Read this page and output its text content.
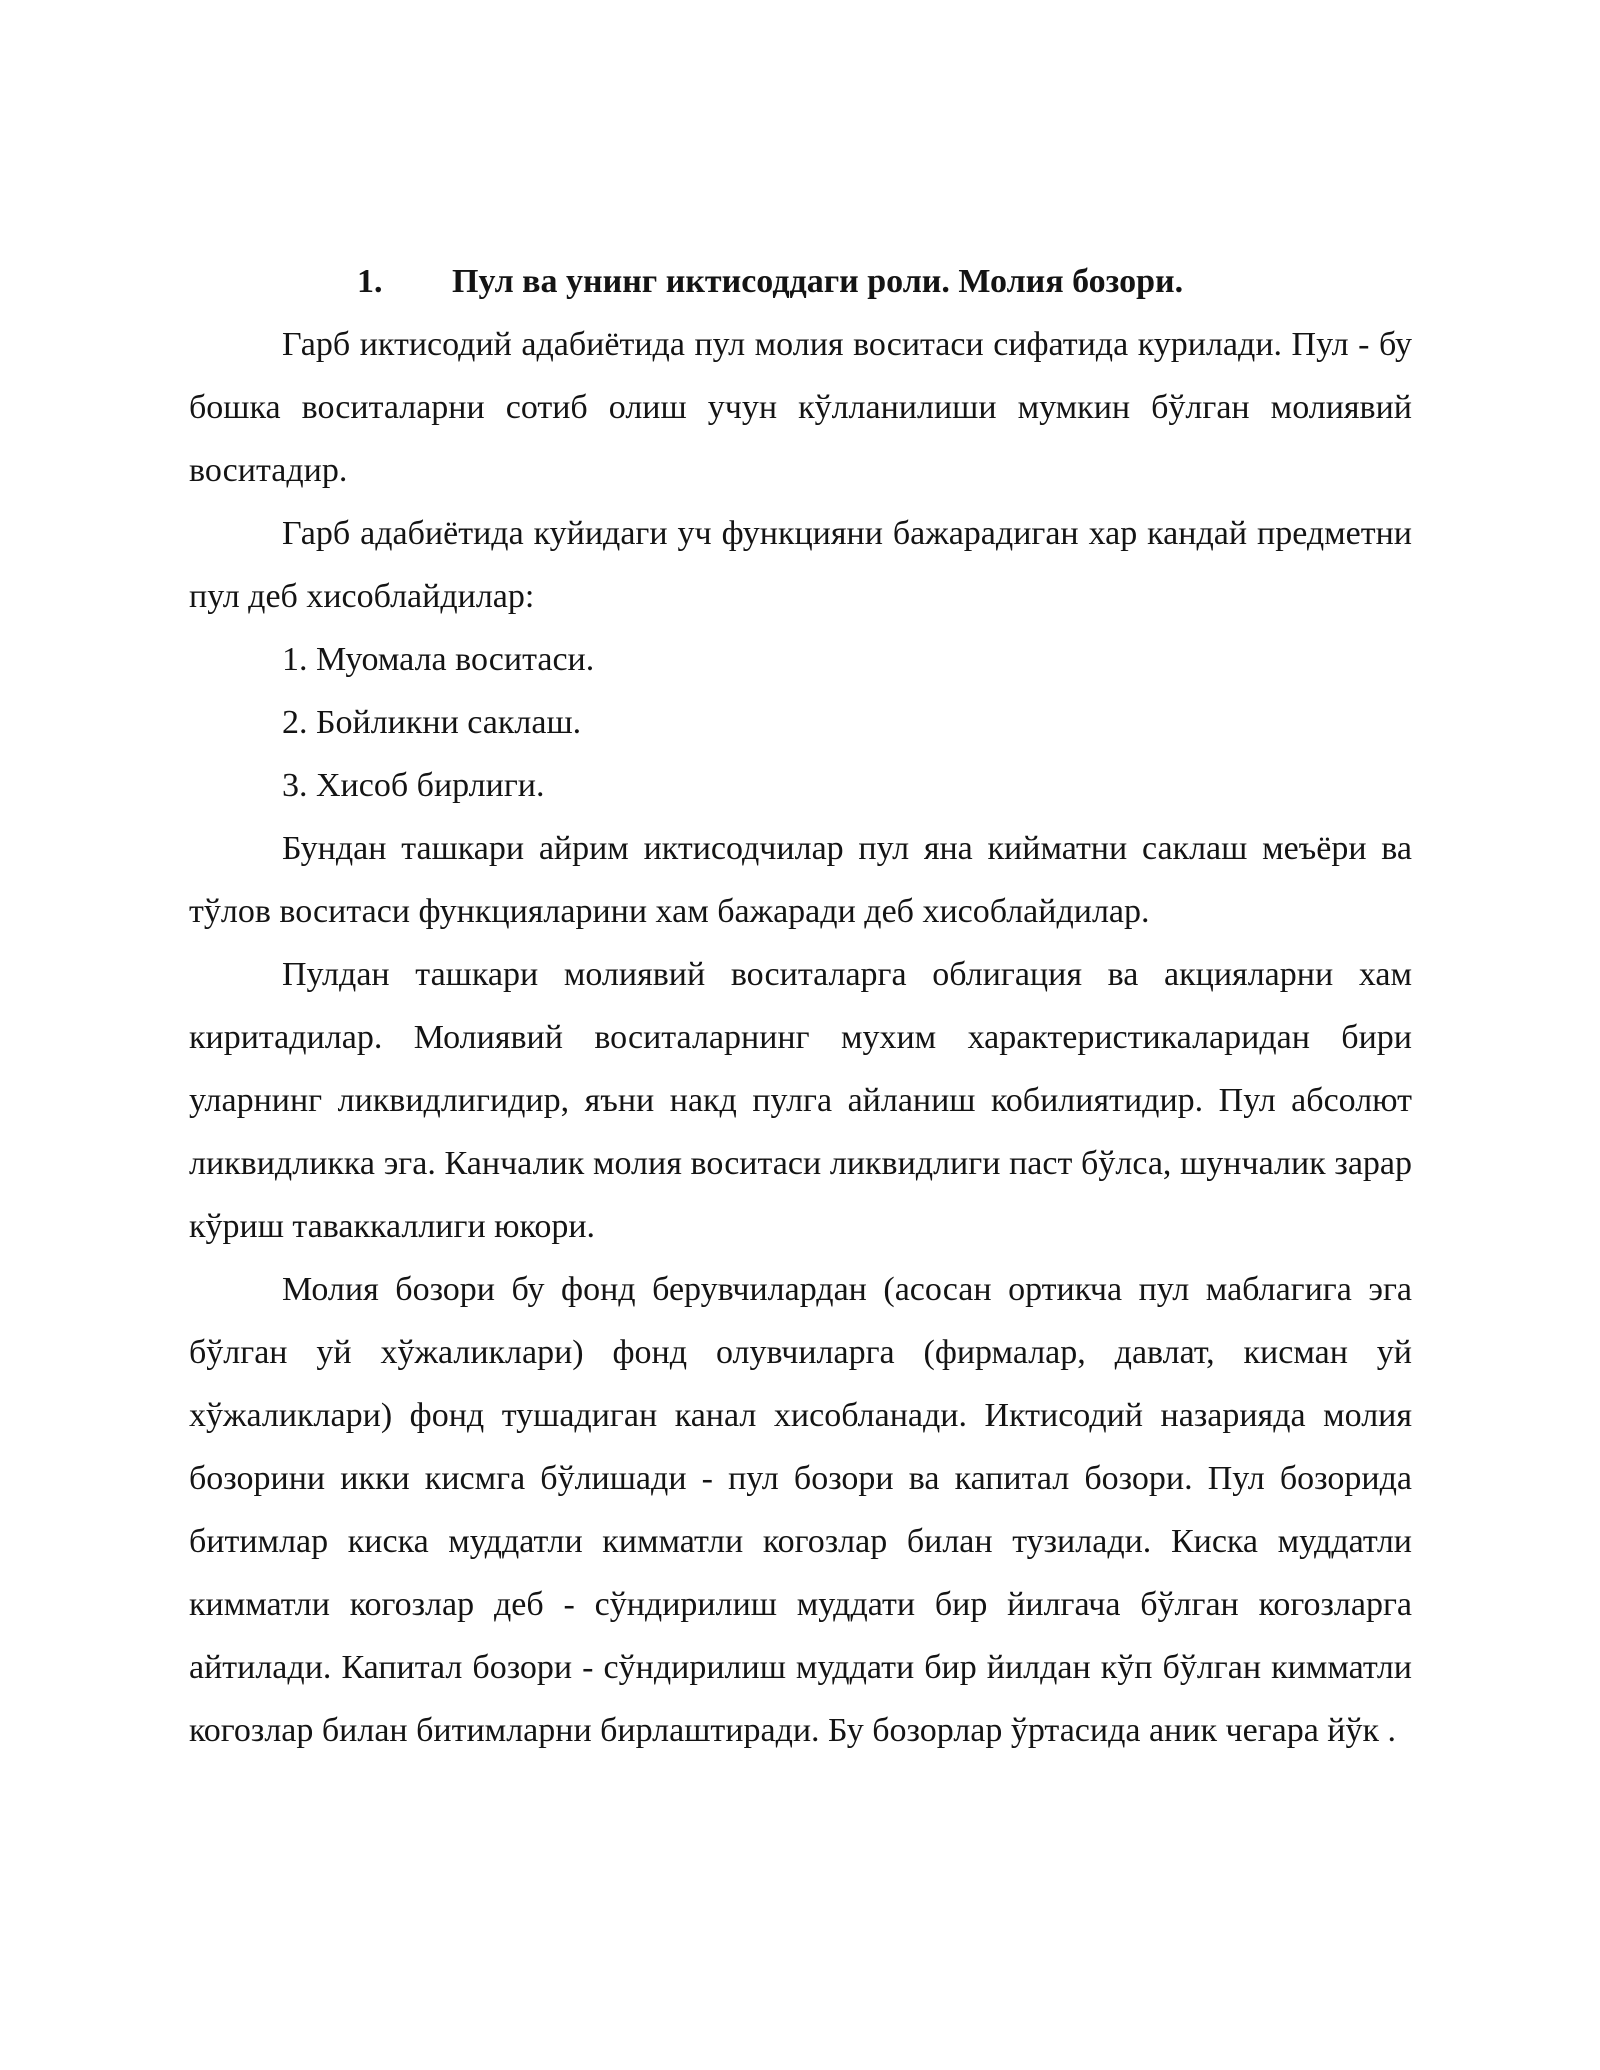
1. Пул ва унинг иктисоддаги роли. Молия бозори.

Гарб иктисодий адабиётида пул молия воситаси сифатида курилади. Пул - бу бошка воситаларни сотиб олиш учун кўлланилиши мумкин бўлган молиявий воситадир.

Гарб адабиётида куйидаги уч функцияни бажарадиган хар кандай предметни пул деб хисоблайдилар:

1. Муомала воситаси.

2. Бойликни саклаш.

3. Хисоб бирлиги.

Бундан ташкари айрим иктисодчилар пул яна кийматни саклаш меъёри ва тўлов воситаси функцияларини хам бажаради деб хисоблайдилар.

Пулдан ташкари молиявий воситаларга облигация ва акцияларни хам киритадилар. Молиявий воситаларнинг мухим характеристикаларидан бири уларнинг ликвидлигидир, яъни накд пулга айланиш кобилиятидир. Пул абсолют ликвидликка эга. Канчалик молия воситаси ликвидлиги паст бўлса, шунчалик зарар кўриш таваккаллиги юкори.

Молия бозори бу фонд берувчилардан (асосан ортикча пул маблагига эга бўлган уй хўжаликлари) фонд олувчиларга (фирмалар, давлат, кисман уй хўжаликлари) фонд тушадиган канал хисобланади. Иктисодий назарияда молия бозорини икки кисмга бўлишади - пул бозори ва капитал бозори. Пул бозорида битимлар киска муддатли кимматли когозлар билан тузилади. Киска муддатли кимматли когозлар деб - сўндирилиш муддати бир йилгача бўлган когозларга айтилади. Капитал бозори - сўндирилиш муддати бир йилдан кўп бўлган кимматли когозлар билан битимларни бирлаштиради. Бу бозорлар ўртасида аник чегара йўк .
